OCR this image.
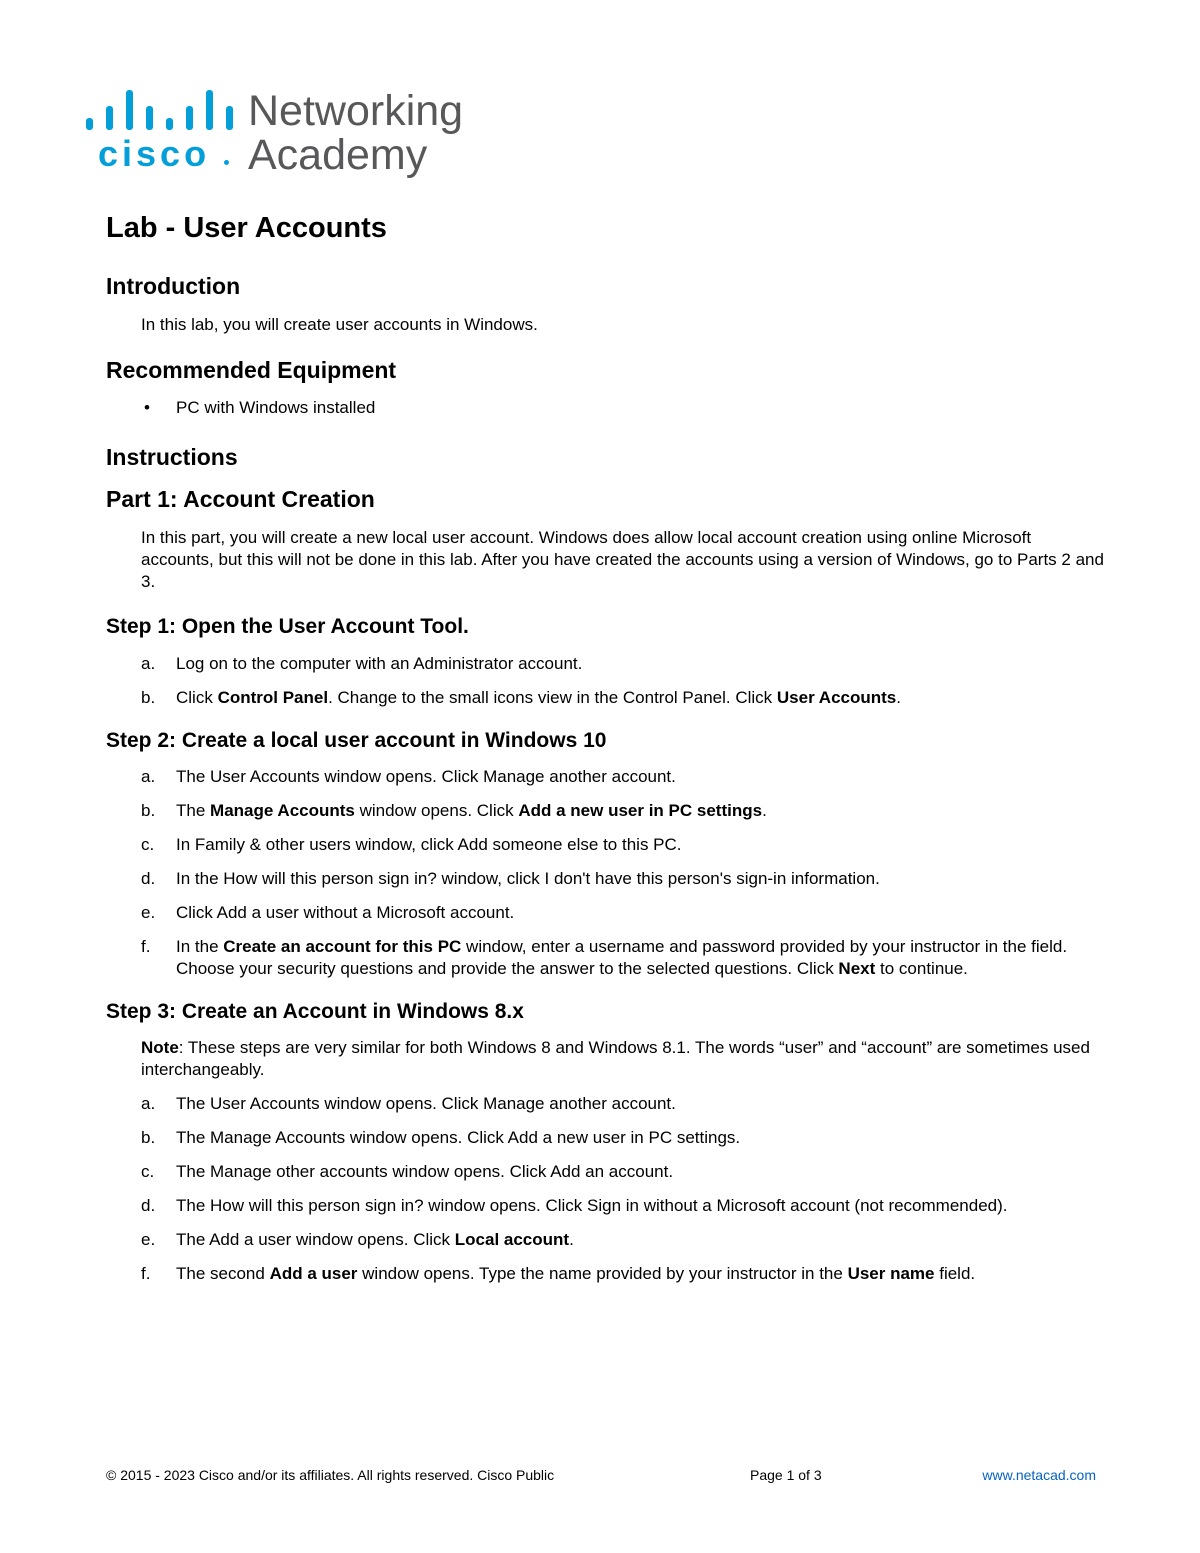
cisco
Networking
Academy
Lab - User Accounts
Introduction

In this lab, you will create user accounts in Windows.

Recommended Equipment
• PC with Windows installed
Instructions
Part 1: Account Creation

In this part, you will create a new local user account. Windows does allow local account creation using online Microsoft accounts, but this will not be done in this lab. After you have created the accounts using a version of Windows, go to Parts 2 and 3.

Step 1: Open the User Account Tool.
a. Log on to the computer with an Administrator account.
b. Click Control Panel. Change to the small icons view in the Control Panel. Click User Accounts.
Step 2: Create a local user account in Windows 10
a. The User Accounts window opens. Click Manage another account.
b. The Manage Accounts window opens. Click Add a new user in PC settings.
c. In Family & other users window, click Add someone else to this PC.
d. In the How will this person sign in? window, click I don't have this person's sign-in information.
e. Click Add a user without a Microsoft account.
f. In the Create an account for this PC window, enter a username and password provided by your instructor in the field. Choose your security questions and provide the answer to the selected questions. Click Next to continue.
Step 3: Create an Account in Windows 8.x

Note: These steps are very similar for both Windows 8 and Windows 8.1. The words “user” and “account” are sometimes used interchangeably.

a. The User Accounts window opens. Click Manage another account.
b. The Manage Accounts window opens. Click Add a new user in PC settings.
c. The Manage other accounts window opens. Click Add an account.
d. The How will this person sign in? window opens. Click Sign in without a Microsoft account (not recommended).
e. The Add a user window opens. Click Local account.
f. The second Add a user window opens. Type the name provided by your instructor in the User name field.
© 2015 - 2023 Cisco and/or its affiliates. All rights reserved. Cisco Public	Page 1 of 3	www.netacad.com
